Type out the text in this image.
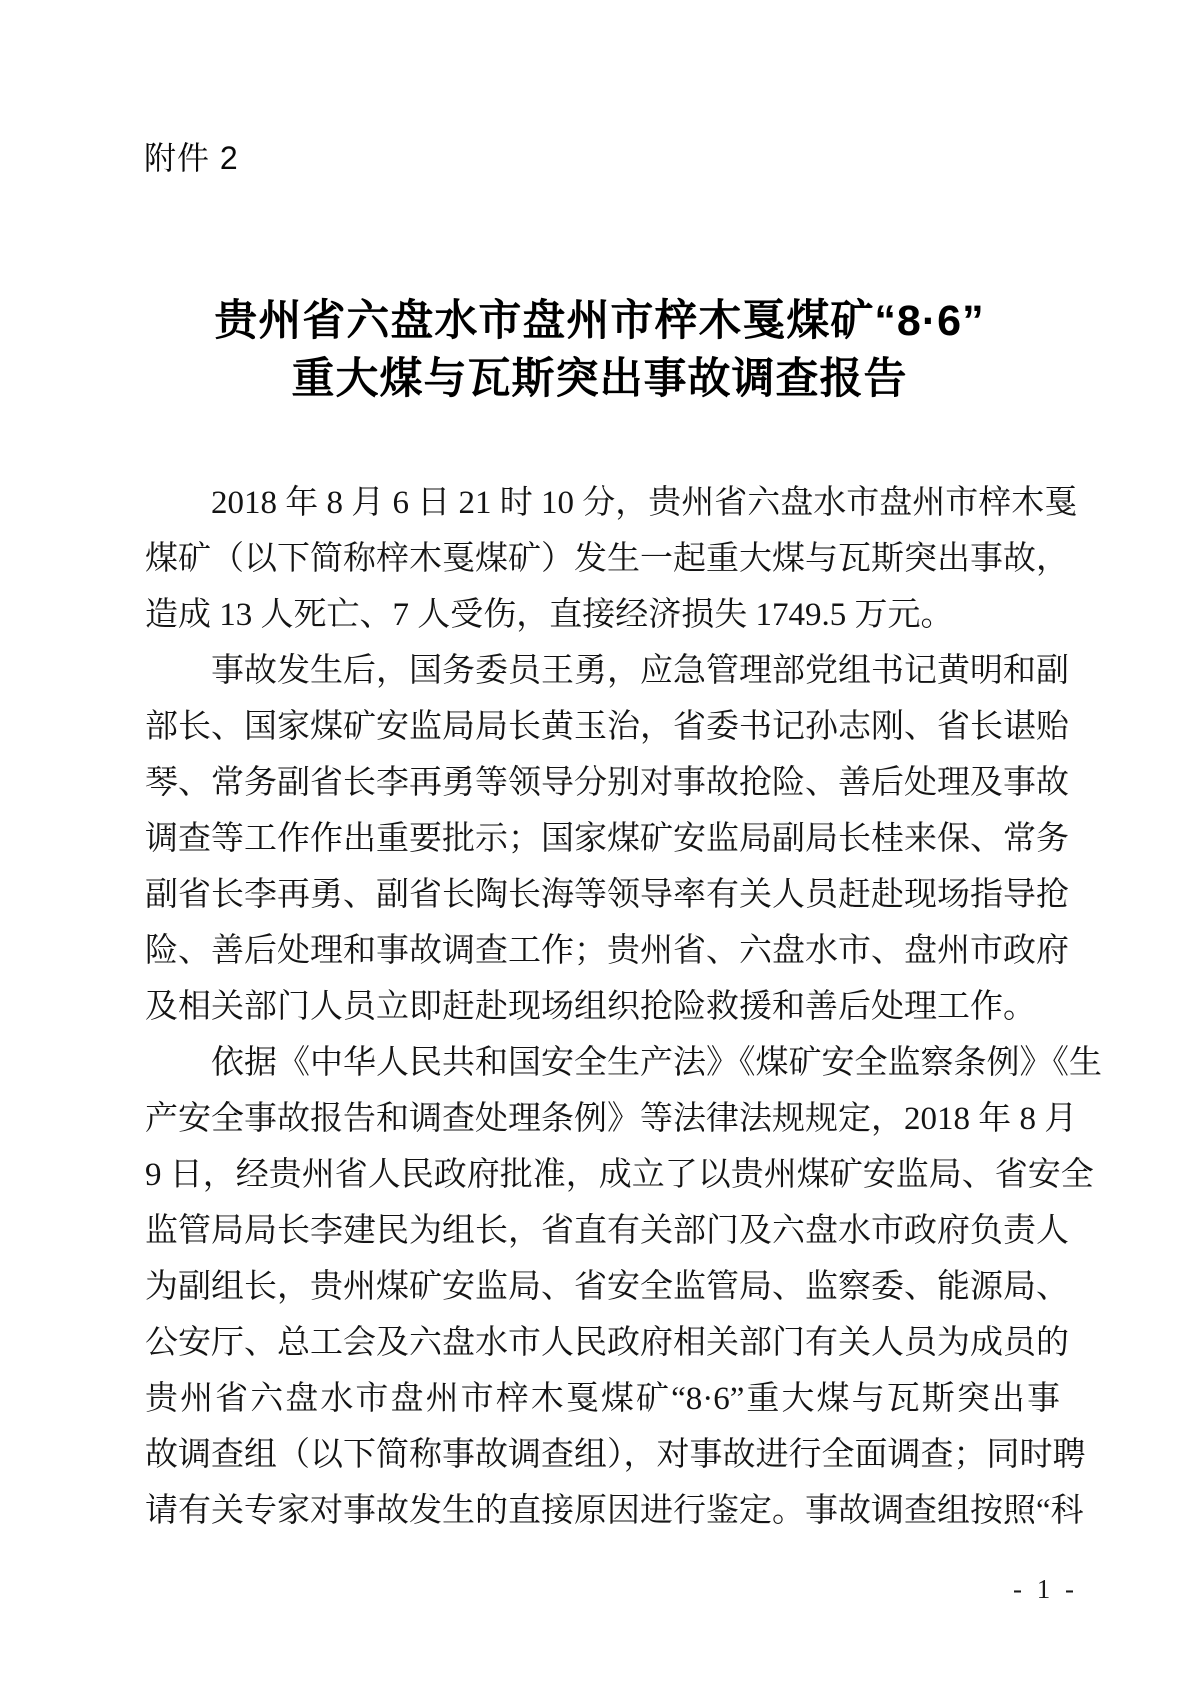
附件 2
贵州省六盘水市盘州市梓木戛煤矿“8·6”
重大煤与瓦斯突出事故调查报告
2018 年 8 月 6 日 21 时 10 分，贵州省六盘水市盘州市梓木戛
煤矿（以下简称梓木戛煤矿）发生一起重大煤与瓦斯突出事故，
造成 13 人死亡、7 人受伤，直接经济损失 1749.5 万元。
事故发生后，国务委员王勇，应急管理部党组书记黄明和副
部长、国家煤矿安监局局长黄玉治，省委书记孙志刚、省长谌贻
琴、常务副省长李再勇等领导分别对事故抢险、善后处理及事故
调查等工作作出重要批示；国家煤矿安监局副局长桂来保、常务
副省长李再勇、副省长陶长海等领导率有关人员赶赴现场指导抢
险、善后处理和事故调查工作；贵州省、六盘水市、盘州市政府
及相关部门人员立即赶赴现场组织抢险救援和善后处理工作。
依据《中华人民共和国安全生产法》《煤矿安全监察条例》《生
产安全事故报告和调查处理条例》等法律法规规定，2018 年 8 月
9 日，经贵州省人民政府批准，成立了以贵州煤矿安监局、省安全
监管局局长李建民为组长，省直有关部门及六盘水市政府负责人
为副组长，贵州煤矿安监局、省安全监管局、监察委、能源局、
公安厅、总工会及六盘水市人民政府相关部门有关人员为成员的
贵州省六盘水市盘州市梓木戛煤矿“8·6”重大煤与瓦斯突出事
故调查组（以下简称事故调查组），对事故进行全面调查；同时聘
请有关专家对事故发生的直接原因进行鉴定。事故调查组按照“科
- 1 -
